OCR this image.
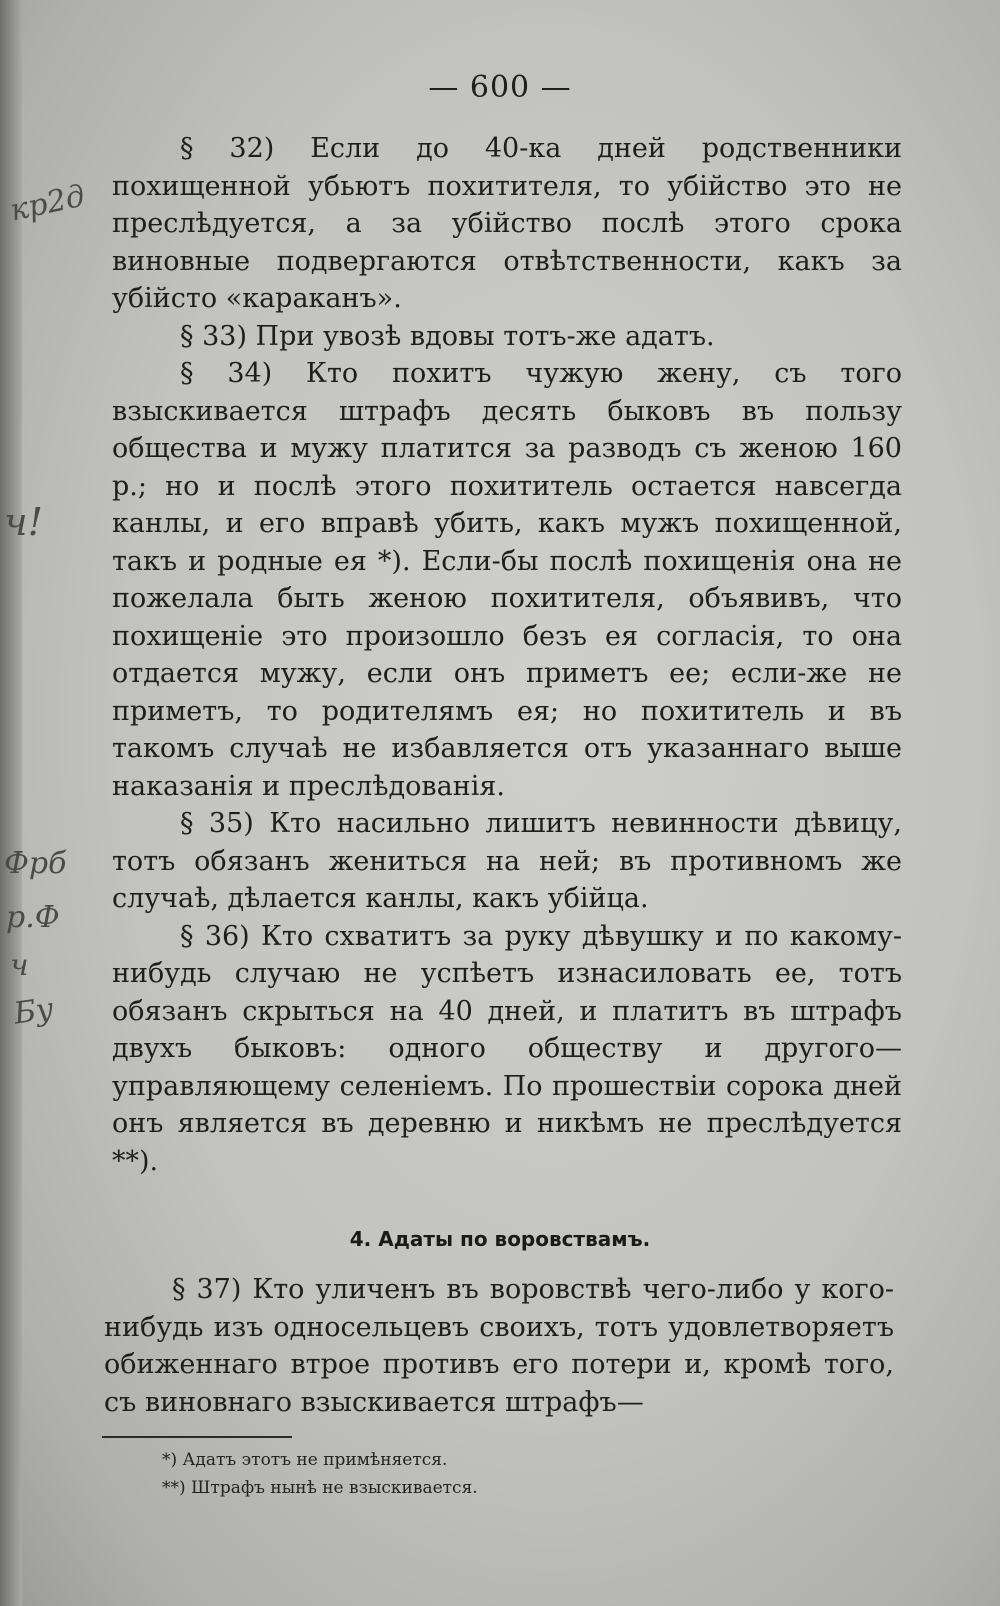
— 600 —

§ 32) Если до 40-ка дней родственники похищенной убьютъ похитителя, то убійство это не преслѣдуется, а за убійство послѣ этого срока виновные подвергаются отвѣтственности, какъ за убійсто «караканъ».

§ 33) При увозѣ вдовы тотъ-же адатъ.

§ 34) Кто похитъ чужую жену, съ того взыскивается штрафъ десять быковъ въ пользу общества и мужу платится за разводъ съ женою 160 р.; но и послѣ этого похититель остается навсегда канлы, и его вправѣ убить, какъ мужъ похищенной, такъ и родные ея *). Если-бы послѣ похищенія она не пожелала быть женою похитителя, объявивъ, что похищеніе это произошло безъ ея согласія, то она отдается мужу, если онъ приметъ ее; если-же не приметъ, то родителямъ ея; но похититель и въ такомъ случаѣ не избавляется отъ указаннаго выше наказанія и преслѣдованія.

§ 35) Кто насильно лишитъ невинности дѣвицу, тотъ обязанъ жениться на ней; въ противномъ же случаѣ, дѣлается канлы, какъ убійца.

§ 36) Кто схватитъ за руку дѣвушку и по какому-нибудь случаю не успѣетъ изнасиловать ее, тотъ обязанъ скрыться на 40 дней, и платитъ въ штрафъ двухъ быковъ: одного обществу и другого—управляющему селеніемъ. По прошествіи сорока дней онъ является въ деревню и никѣмъ не преслѣдуется **).

4. Адаты по воровствамъ.

§ 37) Кто уличенъ въ воровствѣ чего-либо у кого-нибудь изъ односельцевъ своихъ, тотъ удовлетворяетъ обиженнаго втрое противъ его потери и, кромѣ того, съ виновнаго взыскивается штрафъ—

*) Адатъ этотъ не примѣняется.

**) Штрафъ нынѣ не взыскивается.

кр2д
ч!
Фрб
р.Ф
ч
Бу
